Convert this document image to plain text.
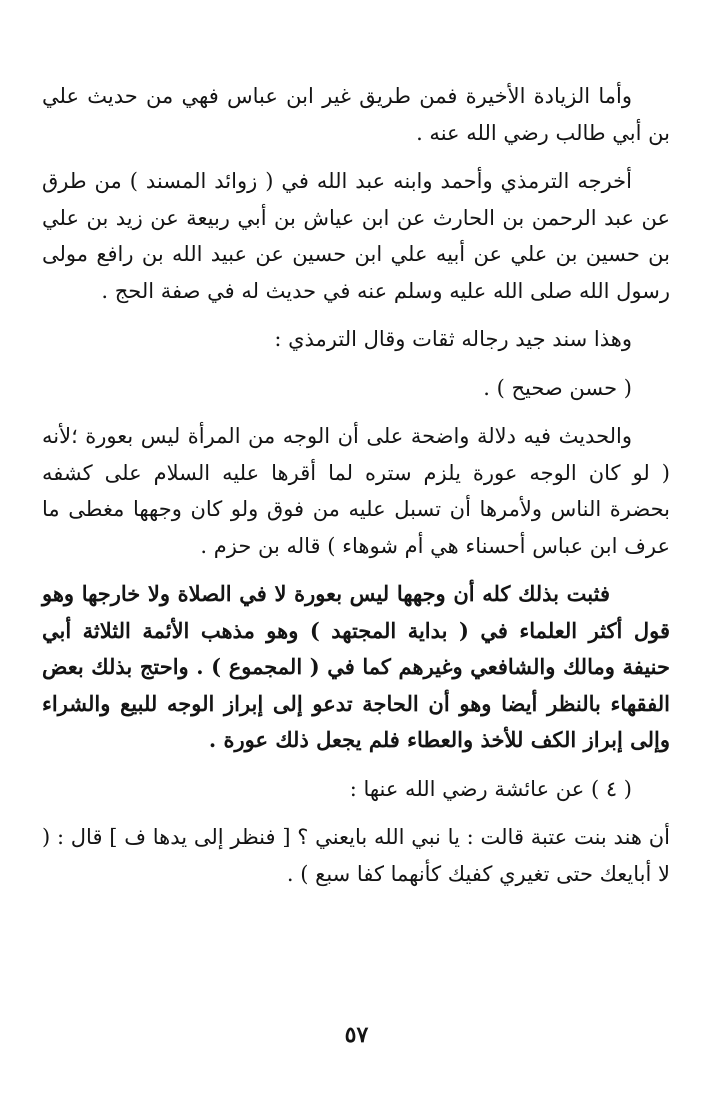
وأما الزيادة الأخيرة فمن طريق غير ابن عباس فهي من حديث علي بن أبي طالب رضي الله عنه .

أخرجه الترمذي وأحمد وابنه عبد الله في ( زوائد المسند ) من طرق عن عبد الرحمن بن الحارث عن ابن عياش بن أبي ربيعة عن زيد بن علي بن حسين بن علي عن أبيه علي ابن حسين عن عبيد الله بن رافع مولى رسول الله صلى الله عليه وسلم عنه في حديث له في صفة الحج .

وهذا سند جيد رجاله ثقات وقال الترمذي :

( حسن صحيح ) .

والحديث فيه دلالة واضحة على أن الوجه من المرأة ليس بعورة ؛لأنه ( لو كان الوجه عورة يلزم ستره لما أقرها عليه السلام على كشفه بحضرة الناس ولأمرها أن تسبل عليه من فوق ولو كان وجهها مغطى ما عرف ابن عباس أحسناء هي أم شوهاء ) قاله بن حزم .

فثبت بذلك كله أن وجهها ليس بعورة لا في الصلاة ولا خارجها وهو قول أكثر العلماء في ( بداية المجتهد ) وهو مذهب الأئمة الثلاثة أبي حنيفة ومالك والشافعي وغيرهم كما في ( المجموع ) . واحتج بذلك بعض الفقهاء بالنظر أيضا وهو أن الحاجة تدعو إلى إبراز الوجه للبيع والشراء وإلى إبراز الكف للأخذ والعطاء فلم يجعل ذلك عورة .

( ٤ ) عن عائشة رضي الله عنها :

أن هند بنت عتبة قالت : يا نبي الله بايعني ؟ [ فنظر إلى يدها ف ] قال : ( لا أبايعك حتى تغيري كفيك كأنهما كفا سبع ) .

٥٧
